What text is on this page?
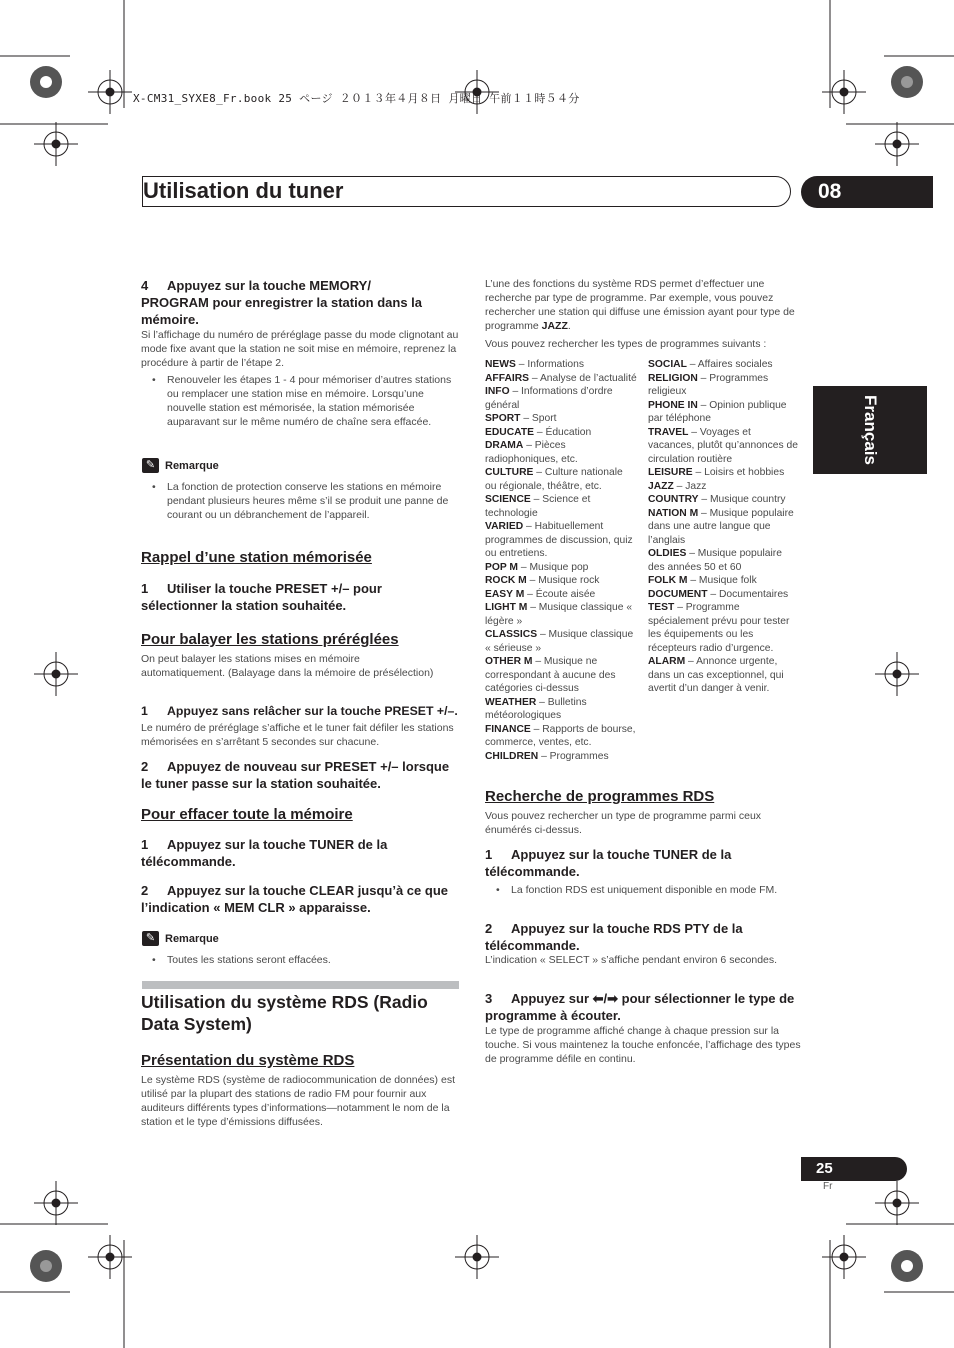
X-CM31_SYXE8_Fr.book 25 ページ ２０１３年４月８日 月曜日 午前１１時５４分
Utilisation du tuner	08
Français
4 Appuyez sur la touche MEMORY/
PROGRAM pour enregistrer la station dans la mémoire.
Si l’affichage du numéro de préréglage passe du mode clignotant au mode fixe avant que la station ne soit mise en mémoire, reprenez la procédure à partir de l’étape 2.
• Renouveler les étapes 1 - 4 pour mémoriser d’autres stations ou remplacer une station mise en mémoire. Lorsqu’une nouvelle station est mémorisée, la station mémorisée auparavant sur le même numéro de chaîne sera effacée.
✎ Remarque
• La fonction de protection conserve les stations en mémoire pendant plusieurs heures même s’il se produit une panne de courant ou un débranchement de l’appareil.
Rappel d’une station mémorisée
1 Utiliser la touche PRESET +/– pour sélectionner la station souhaitée.
Pour balayer les stations préréglées
On peut balayer les stations mises en mémoire automatiquement. (Balayage dans la mémoire de présélection)
1 Appuyez sans relâcher sur la touche PRESET +/–.
Le numéro de préréglage s’affiche et le tuner fait défiler les stations mémorisées en s’arrêtant 5 secondes sur chacune.
2 Appuyez de nouveau sur PRESET +/– lorsque le tuner passe sur la station souhaitée.
Pour effacer toute la mémoire
1 Appuyez sur la touche TUNER de la télécommande.
2 Appuyez sur la touche CLEAR jusqu’à ce que l’indication « MEM CLR » apparaisse.
✎ Remarque
• Toutes les stations seront effacées.
Utilisation du système RDS (Radio Data System)
Présentation du système RDS
Le système RDS (système de radiocommunication de données) est utilisé par la plupart des stations de radio FM pour fournir aux auditeurs différents types d’informations—notamment le nom de la station et le type d’émissions diffusées.
L’une des fonctions du système RDS permet d’effectuer une recherche par type de programme. Par exemple, vous pouvez rechercher une station qui diffuse une émission ayant pour type de programme JAZZ.
Vous pouvez rechercher les types de programmes suivants :
NEWS – Informations
AFFAIRS – Analyse de l’actualité
INFO – Informations d’ordre général
SPORT – Sport
EDUCATE – Éducation
DRAMA – Pièces radiophoniques, etc.
CULTURE – Culture nationale ou régionale, théâtre, etc.
SCIENCE – Science et technologie
VARIED – Habituellement programmes de discussion, quiz ou entretiens.
POP M – Musique pop
ROCK M – Musique rock
EASY M – Écoute aisée
LIGHT M – Musique classique « légère »
CLASSICS – Musique classique « sérieuse »
OTHER M – Musique ne correspondant à aucune des catégories ci-dessus
WEATHER – Bulletins météorologiques
FINANCE – Rapports de bourse, commerce, ventes, etc.
CHILDREN – Programmes
SOCIAL – Affaires sociales
RELIGION – Programmes religieux
PHONE IN – Opinion publique par téléphone
TRAVEL – Voyages et vacances, plutôt qu’annonces de circulation routière
LEISURE – Loisirs et hobbies
JAZZ – Jazz
COUNTRY – Musique country
NATION M – Musique populaire dans une autre langue que l’anglais
OLDIES – Musique populaire des années 50 et 60
FOLK M – Musique folk
DOCUMENT – Documentaires
TEST – Programme spécialement prévu pour tester les équipements ou les récepteurs radio d’urgence.
ALARM – Annonce urgente, dans un cas exceptionnel, qui avertit d’un danger à venir.
Recherche de programmes RDS
Vous pouvez rechercher un type de programme parmi ceux énumérés ci-dessus.
1 Appuyez sur la touche TUNER de la télécommande.
• La fonction RDS est uniquement disponible en mode FM.
2 Appuyez sur la touche RDS PTY de la télécommande.
L’indication « SELECT » s’affiche pendant environ 6 secondes.
3 Appuyez sur ⬅/➡ pour sélectionner le type de programme à écouter.
Le type de programme affiché change à chaque pression sur la touche. Si vous maintenez la touche enfoncée, l’affichage des types de programme défile en continu.
25
Fr
